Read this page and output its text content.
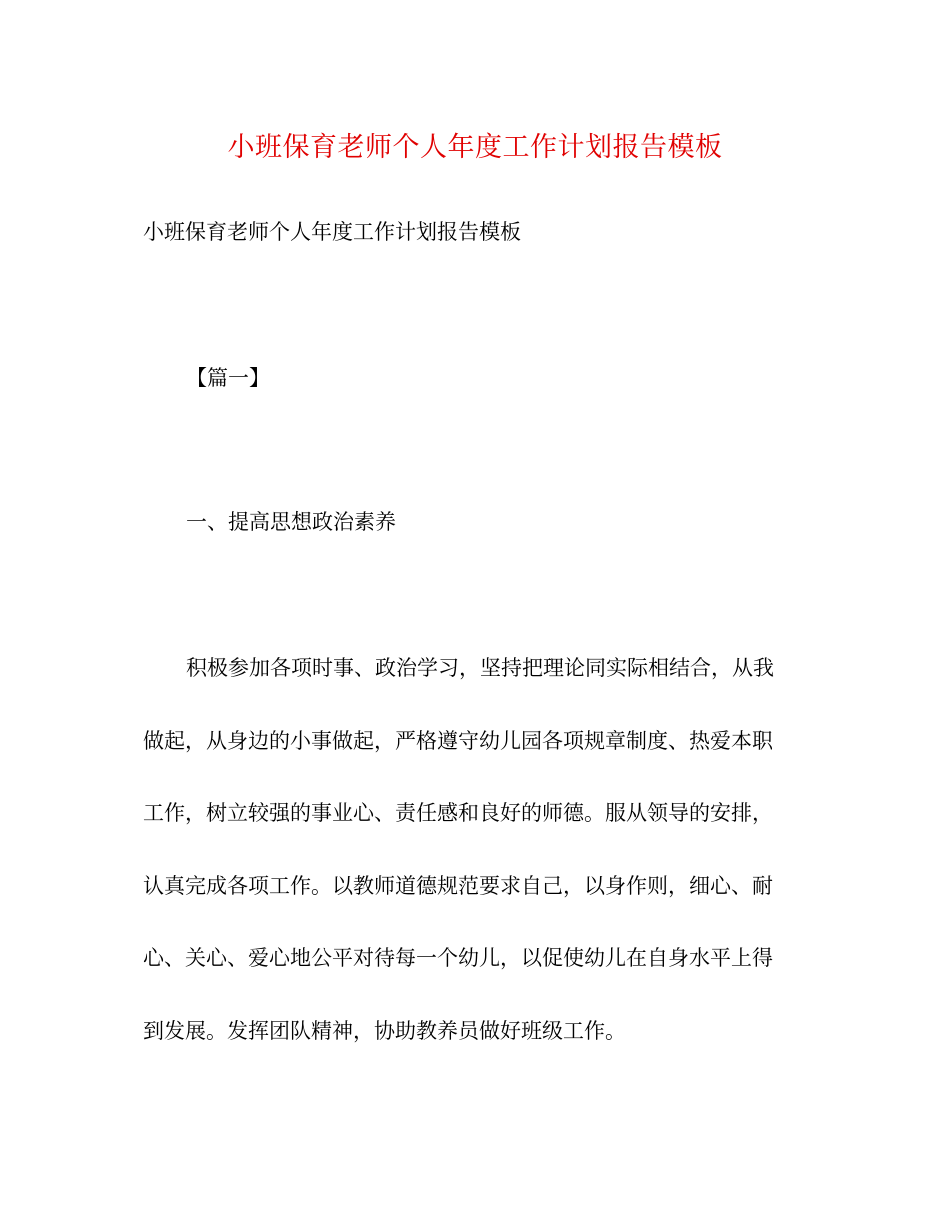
小班保育老师个人年度工作计划报告模板
小班保育老师个人年度工作计划报告模板
【篇一】
一、提高思想政治素养
积极参加各项时事、政治学习，坚持把理论同实际相结合，从我
做起，从身边的小事做起，严格遵守幼儿园各项规章制度、热爱本职
工作，树立较强的事业心、责任感和良好的师德。服从领导的安排，
认真完成各项工作。以教师道德规范要求自己，以身作则，细心、耐
心、关心、爱心地公平对待每一个幼儿，以促使幼儿在自身水平上得
到发展。发挥团队精神，协助教养员做好班级工作。
